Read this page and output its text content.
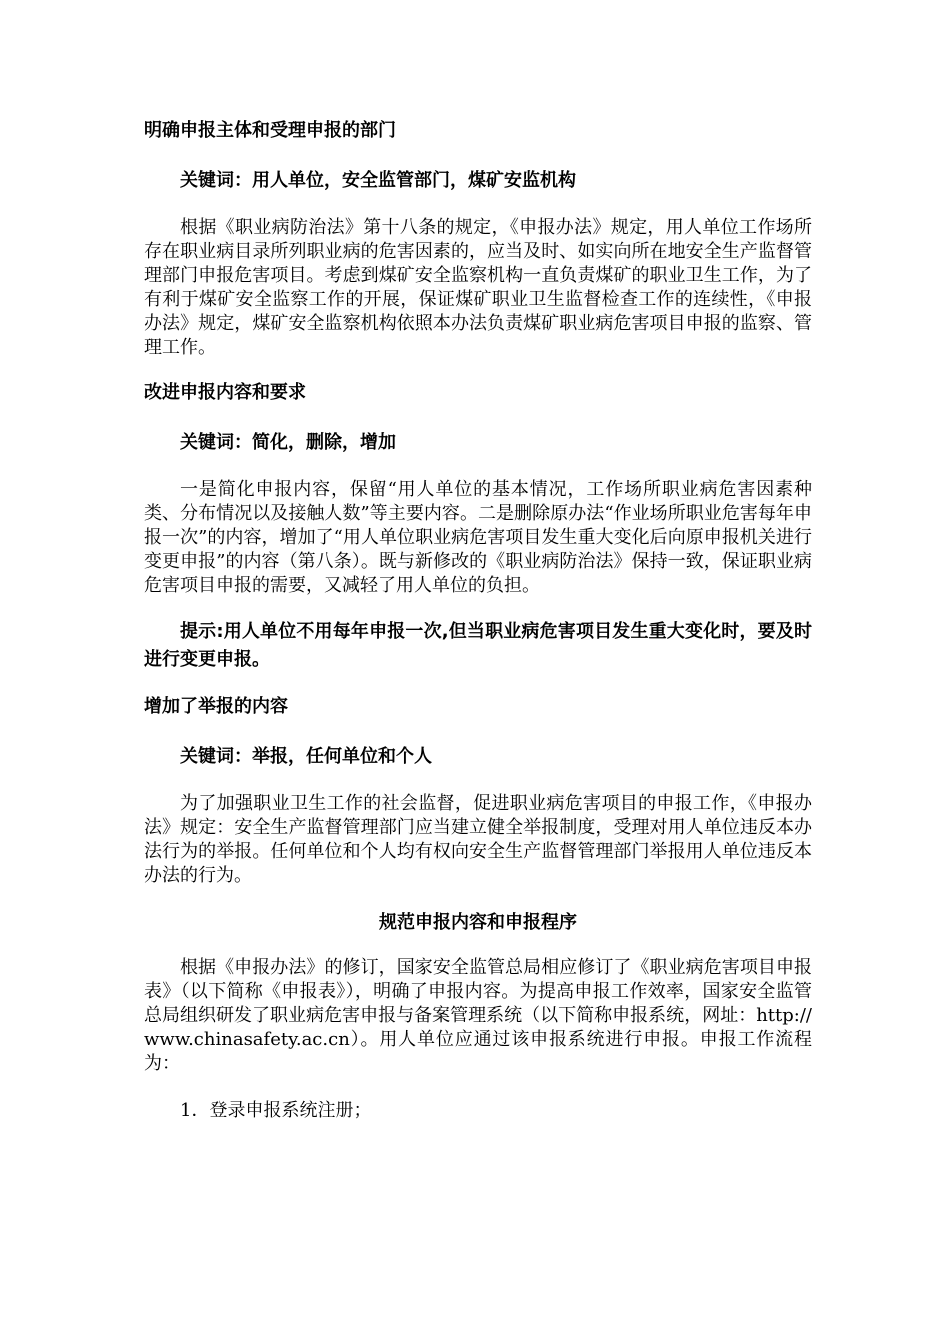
明确申报主体和受理申报的部门

关键词：用人单位，安全监管部门，煤矿安监机构

根据《职业病防治法》第十八条的规定，《申报办法》规定，用人单位工作场所存在职业病目录所列职业病的危害因素的，应当及时、如实向所在地安全生产监督管理部门申报危害项目。考虑到煤矿安全监察机构一直负责煤矿的职业卫生工作，为了有利于煤矿安全监察工作的开展，保证煤矿职业卫生监督检查工作的连续性，《申报办法》规定，煤矿安全监察机构依照本办法负责煤矿职业病危害项目申报的监察、管理工作。

改进申报内容和要求

关键词：简化，删除，增加

一是简化申报内容，保留“用人单位的基本情况，工作场所职业病危害因素种类、分布情况以及接触人数”等主要内容。二是删除原办法“作业场所职业危害每年申报一次”的内容，增加了“用人单位职业病危害项目发生重大变化后向原申报机关进行变更申报”的内容（第八条）。既与新修改的《职业病防治法》保持一致，保证职业病危害项目申报的需要，又减轻了用人单位的负担。

提示:用人单位不用每年申报一次,但当职业病危害项目发生重大变化时，要及时进行变更申报。

增加了举报的内容

关键词：举报，任何单位和个人

为了加强职业卫生工作的社会监督，促进职业病危害项目的申报工作，《申报办法》规定：安全生产监督管理部门应当建立健全举报制度，受理对用人单位违反本办法行为的举报。任何单位和个人均有权向安全生产监督管理部门举报用人单位违反本办法的行为。

规范申报内容和申报程序

根据《申报办法》的修订，国家安全监管总局相应修订了《职业病危害项目申报表》（以下简称《申报表》），明确了申报内容。为提高申报工作效率，国家安全监管总局组织研发了职业病危害申报与备案管理系统（以下简称申报系统，网址：http://www.chinasafety.ac.cn）。用人单位应通过该申报系统进行申报。申报工作流程为：

1．登录申报系统注册；
